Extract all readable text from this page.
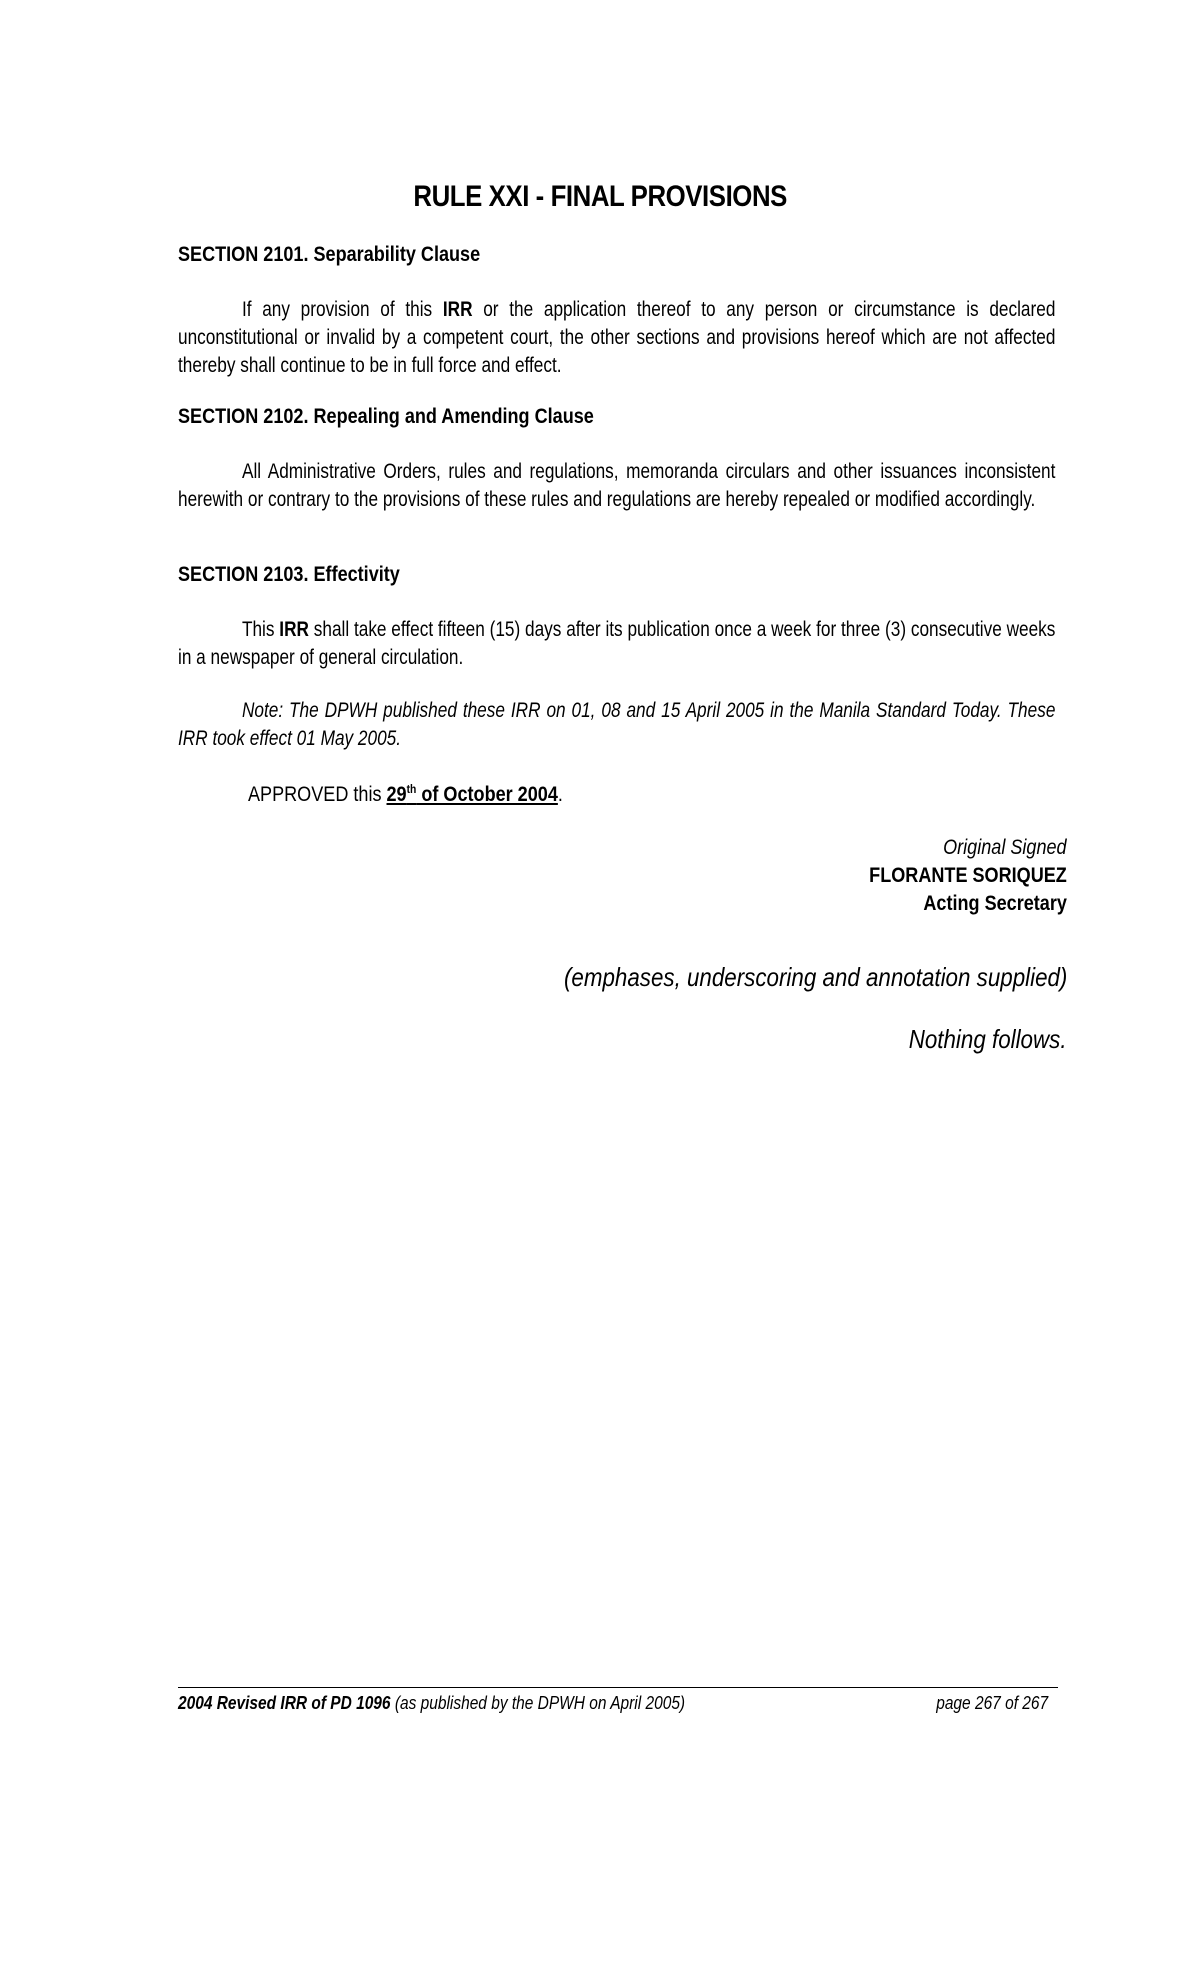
RULE XXI - FINAL PROVISIONS
SECTION 2101. Separability Clause
If any provision of this IRR or the application thereof to any person or circumstance is declared unconstitutional or invalid by a competent court, the other sections and provisions hereof which are not affected thereby shall continue to be in full force and effect.
SECTION 2102. Repealing and Amending Clause
All Administrative Orders, rules and regulations, memoranda circulars and other issuances inconsistent herewith or contrary to the provisions of these rules and regulations are hereby repealed or modified accordingly.
SECTION 2103. Effectivity
This IRR shall take effect fifteen (15) days after its publication once a week for three (3) consecutive weeks in a newspaper of general circulation.
Note: The DPWH published these IRR on 01, 08 and 15 April 2005 in the Manila Standard Today. These IRR took effect 01 May 2005.
APPROVED this 29th of October 2004.
Original Signed
FLORANTE SORIQUEZ
Acting Secretary
(emphases, underscoring and annotation supplied)
Nothing follows.
2004 Revised IRR of PD 1096 (as published by the DPWH on April 2005)	page 267 of 267
